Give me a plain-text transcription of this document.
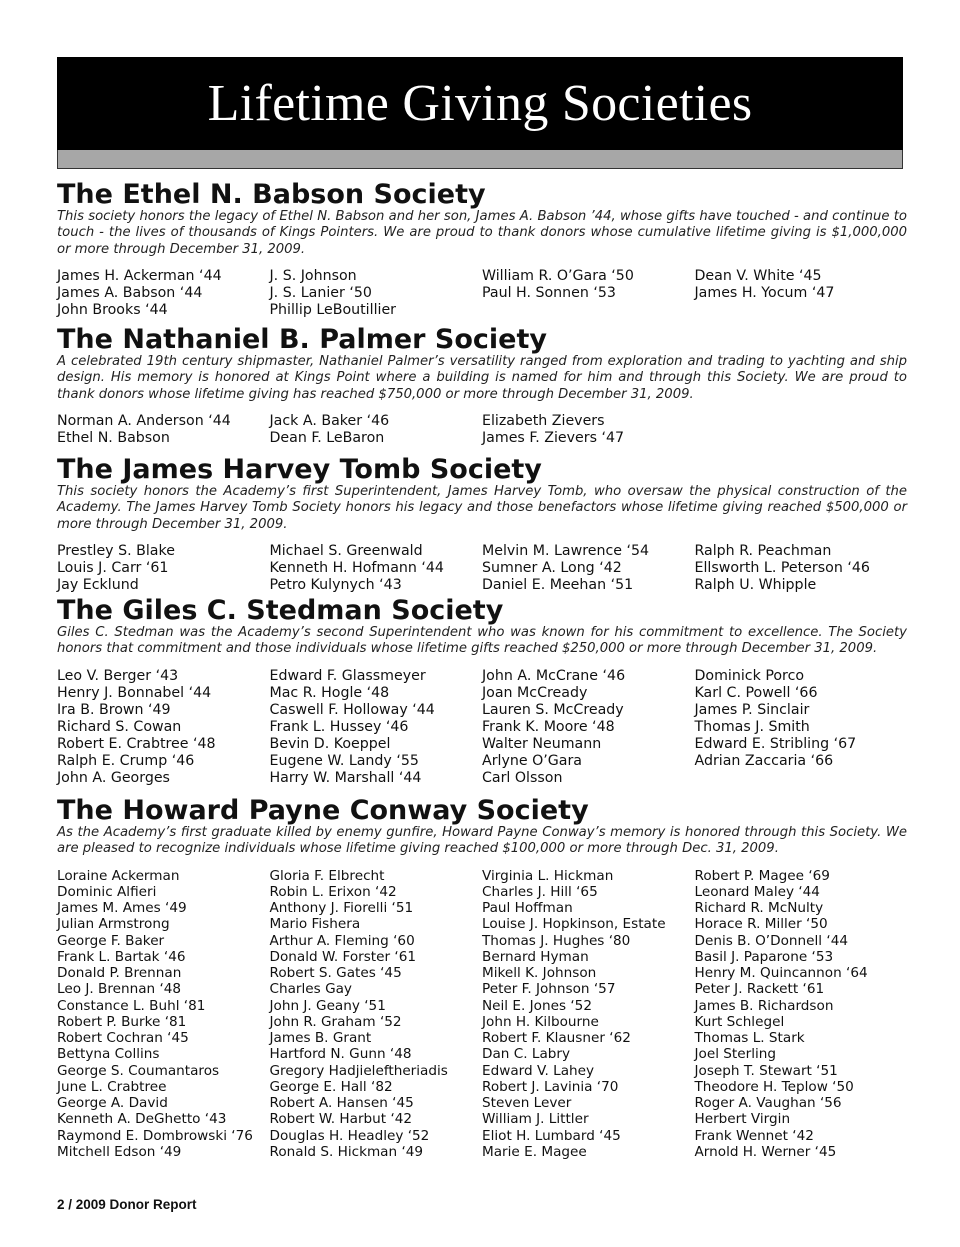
Lifetime Giving Societies
The Ethel N. Babson Society

This society honors the legacy of Ethel N. Babson and her son, James A. Babson ’44, whose gifts have touched - and continue to touch - the lives of thousands of Kings Pointers. We are proud to thank donors whose cumulative lifetime giving is $1,000,000 or more through December 31, 2009.

James H. Ackerman ‘44
James A. Babson ‘44
John Brooks ‘44
J. S. Johnson
J. S. Lanier ‘50
Phillip LeBoutillier
William R. O’Gara ‘50
Paul H. Sonnen ‘53
Dean V. White ‘45
James H. Yocum ‘47
The Nathaniel B. Palmer Society

A celebrated 19th century shipmaster, Nathaniel Palmer’s versatility ranged from exploration and trading to yachting and ship design. His memory is honored at Kings Point where a building is named for him and through this Society. We are proud to thank donors whose lifetime giving has reached $750,000 or more through December 31, 2009.

Norman A. Anderson ‘44
Ethel N. Babson
Jack A. Baker ‘46
Dean F. LeBaron
Elizabeth Zievers
James F. Zievers ‘47
The James Harvey Tomb Society

This society honors the Academy’s first Superintendent, James Harvey Tomb, who oversaw the physical construction of the Academy. The James Harvey Tomb Society honors his legacy and those benefactors whose lifetime giving reached $500,000 or more through December 31, 2009.

Prestley S. Blake
Louis J. Carr ‘61
Jay Ecklund
Michael S. Greenwald
Kenneth H. Hofmann ‘44
Petro Kulynych ‘43
Melvin M. Lawrence ‘54
Sumner A. Long ‘42
Daniel E. Meehan ‘51
Ralph R. Peachman
Ellsworth L. Peterson ‘46
Ralph U. Whipple
The Giles C. Stedman Society

Giles C. Stedman was the Academy’s second Superintendent who was known for his commitment to excellence. The Society honors that commitment and those individuals whose lifetime gifts reached $250,000 or more through December 31, 2009.

Leo V. Berger ‘43
Henry J. Bonnabel ‘44
Ira B. Brown ‘49
Richard S. Cowan
Robert E. Crabtree ‘48
Ralph E. Crump ‘46
John A. Georges
Edward F. Glassmeyer
Mac R. Hogle ‘48
Caswell F. Holloway ‘44
Frank L. Hussey ‘46
Bevin D. Koeppel
Eugene W. Landy ‘55
Harry W. Marshall ‘44
John A. McCrane ‘46
Joan McCready
Lauren S. McCready
Frank K. Moore ‘48
Walter Neumann
Arlyne O’Gara
Carl Olsson
Dominick Porco
Karl C. Powell ‘66
James P. Sinclair
Thomas J. Smith
Edward E. Stribling ‘67
Adrian Zaccaria ‘66
The Howard Payne Conway Society

As the Academy’s first graduate killed by enemy gunfire, Howard Payne Conway’s memory is honored through this Society. We are pleased to recognize individuals whose lifetime giving reached $100,000 or more through Dec. 31, 2009.

Loraine Ackerman
Dominic Alfieri
James M. Ames ‘49
Julian Armstrong
George F. Baker
Frank L. Bartak ‘46
Donald P. Brennan
Leo J. Brennan ‘48
Constance L. Buhl ‘81
Robert P. Burke ‘81
Robert Cochran ‘45
Bettyna Collins
George S. Coumantaros
June L. Crabtree
George A. David
Kenneth A. DeGhetto ‘43
Raymond E. Dombrowski ‘76
Mitchell Edson ‘49
Gloria F. Elbrecht
Robin L. Erixon ‘42
Anthony J. Fiorelli ‘51
Mario Fishera
Arthur A. Fleming ‘60
Donald W. Forster ‘61
Robert S. Gates ‘45
Charles Gay
John J. Geany ‘51
John R. Graham ‘52
James B. Grant
Hartford N. Gunn ‘48
Gregory Hadjieleftheriadis
George E. Hall ‘82
Robert A. Hansen ‘45
Robert W. Harbut ‘42
Douglas H. Headley ‘52
Ronald S. Hickman ‘49
Virginia L. Hickman
Charles J. Hill ‘65
Paul Hoffman
Louise J. Hopkinson, Estate
Thomas J. Hughes ‘80
Bernard Hyman
Mikell K. Johnson
Peter F. Johnson ‘57
Neil E. Jones ‘52
John H. Kilbourne
Robert F. Klausner ‘62
Dan C. Labry
Edward V. Lahey
Robert J. Lavinia ‘70
Steven Lever
William J. Littler
Eliot H. Lumbard ‘45
Marie E. Magee
Robert P. Magee ‘69
Leonard Maley ‘44
Richard R. McNulty
Horace R. Miller ‘50
Denis B. O’Donnell ‘44
Basil J. Paparone ‘53
Henry M. Quincannon ‘64
Peter J. Rackett ‘61
James B. Richardson
Kurt Schlegel
Thomas L. Stark
Joel Sterling
Joseph T. Stewart ‘51
Theodore H. Teplow ‘50
Roger A. Vaughan ‘56
Herbert Virgin
Frank Wennet ‘42
Arnold H. Werner ‘45
2 / 2009 Donor Report
